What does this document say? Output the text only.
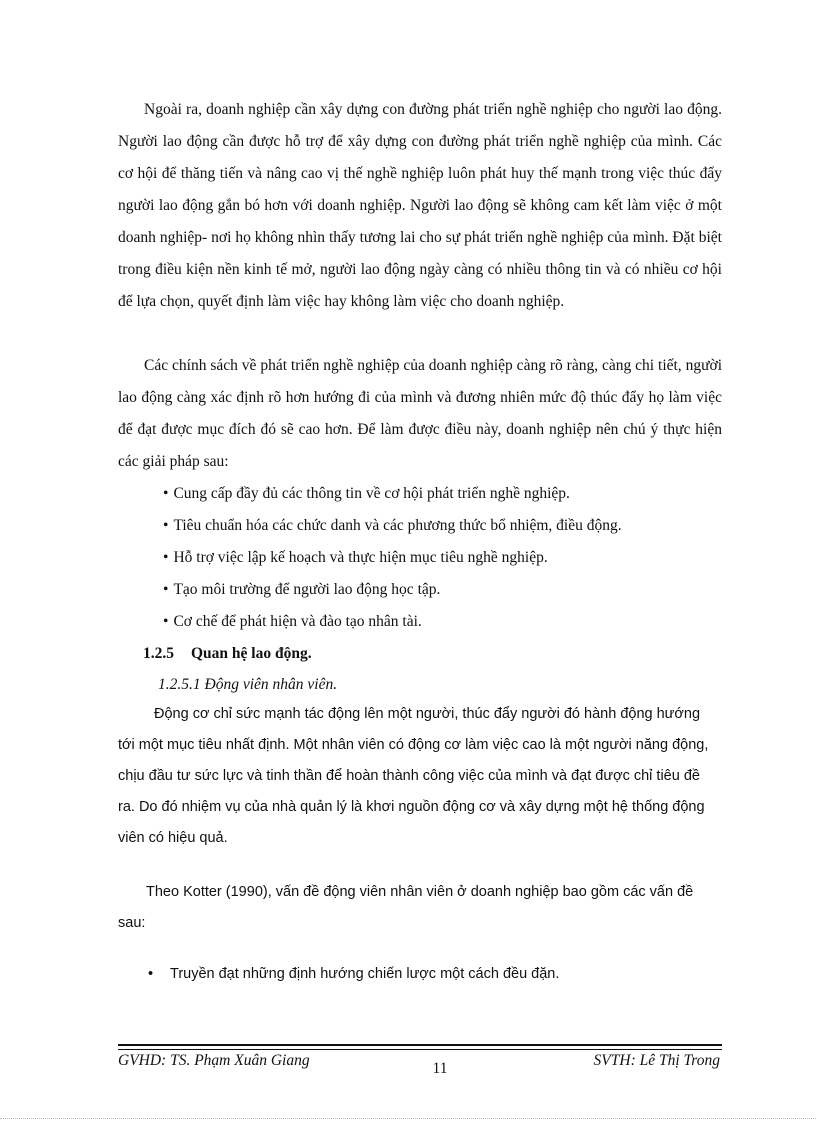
Ngoài ra, doanh nghiệp cần xây dựng con đường phát triển nghề nghiệp cho người lao động. Người lao động cần được hỗ trợ để xây dựng con đường phát triển nghề nghiệp của mình. Các cơ hội để thăng tiến và nâng cao vị thế nghề nghiệp luôn phát huy thế mạnh trong việc thúc đẩy người lao động gắn bó hơn với doanh nghiệp. Người lao động sẽ không cam kết làm việc ở một doanh nghiệp- nơi họ không nhìn thấy tương lai cho sự phát triển nghề nghiệp của mình. Đặt biệt trong điều kiện nền kinh tế mở, người lao động ngày càng có nhiều thông tin và có nhiều cơ hội để lựa chọn, quyết định làm việc hay không làm việc cho doanh nghiệp.

Các chính sách về phát triển nghề nghiệp của doanh nghiệp càng rõ ràng, càng chi tiết, người lao động càng xác định rõ hơn hướng đi của mình và đương nhiên mức độ thúc đẩy họ làm việc để đạt được mục đích đó sẽ cao hơn. Để làm được điều này, doanh nghiệp nên chú ý thực hiện các giải pháp sau:

• Cung cấp đầy đủ các thông tin về cơ hội phát triển nghề nghiệp.
• Tiêu chuẩn hóa các chức danh và các phương thức bổ nhiệm, điều động.
• Hỗ trợ việc lập kế hoạch và thực hiện mục tiêu nghề nghiệp.
• Tạo môi trường để người lao động học tập.
• Cơ chế để phát hiện và đào tạo nhân tài.
1.2.5 Quan hệ lao động.
1.2.5.1 Động viên nhân viên.

Động cơ chỉ sức mạnh tác động lên một người, thúc đẩy người đó hành động hướng tới một mục tiêu nhất định. Một nhân viên có động cơ làm việc cao là một người năng động, chịu đầu tư sức lực và tinh thần để hoàn thành công việc của mình và đạt được chỉ tiêu đề ra. Do đó nhiệm vụ của nhà quản lý là khơi nguồn động cơ và xây dựng một hệ thống động viên có hiệu quả.

Theo Kotter (1990), vấn đề động viên nhân viên ở doanh nghiệp bao gồm các vấn đề sau:

• Truyền đạt những định hướng chiến lược một cách đều đặn.
GVHD: TS. Phạm Xuân Giang	11	SVTH: Lê Thị Trong
